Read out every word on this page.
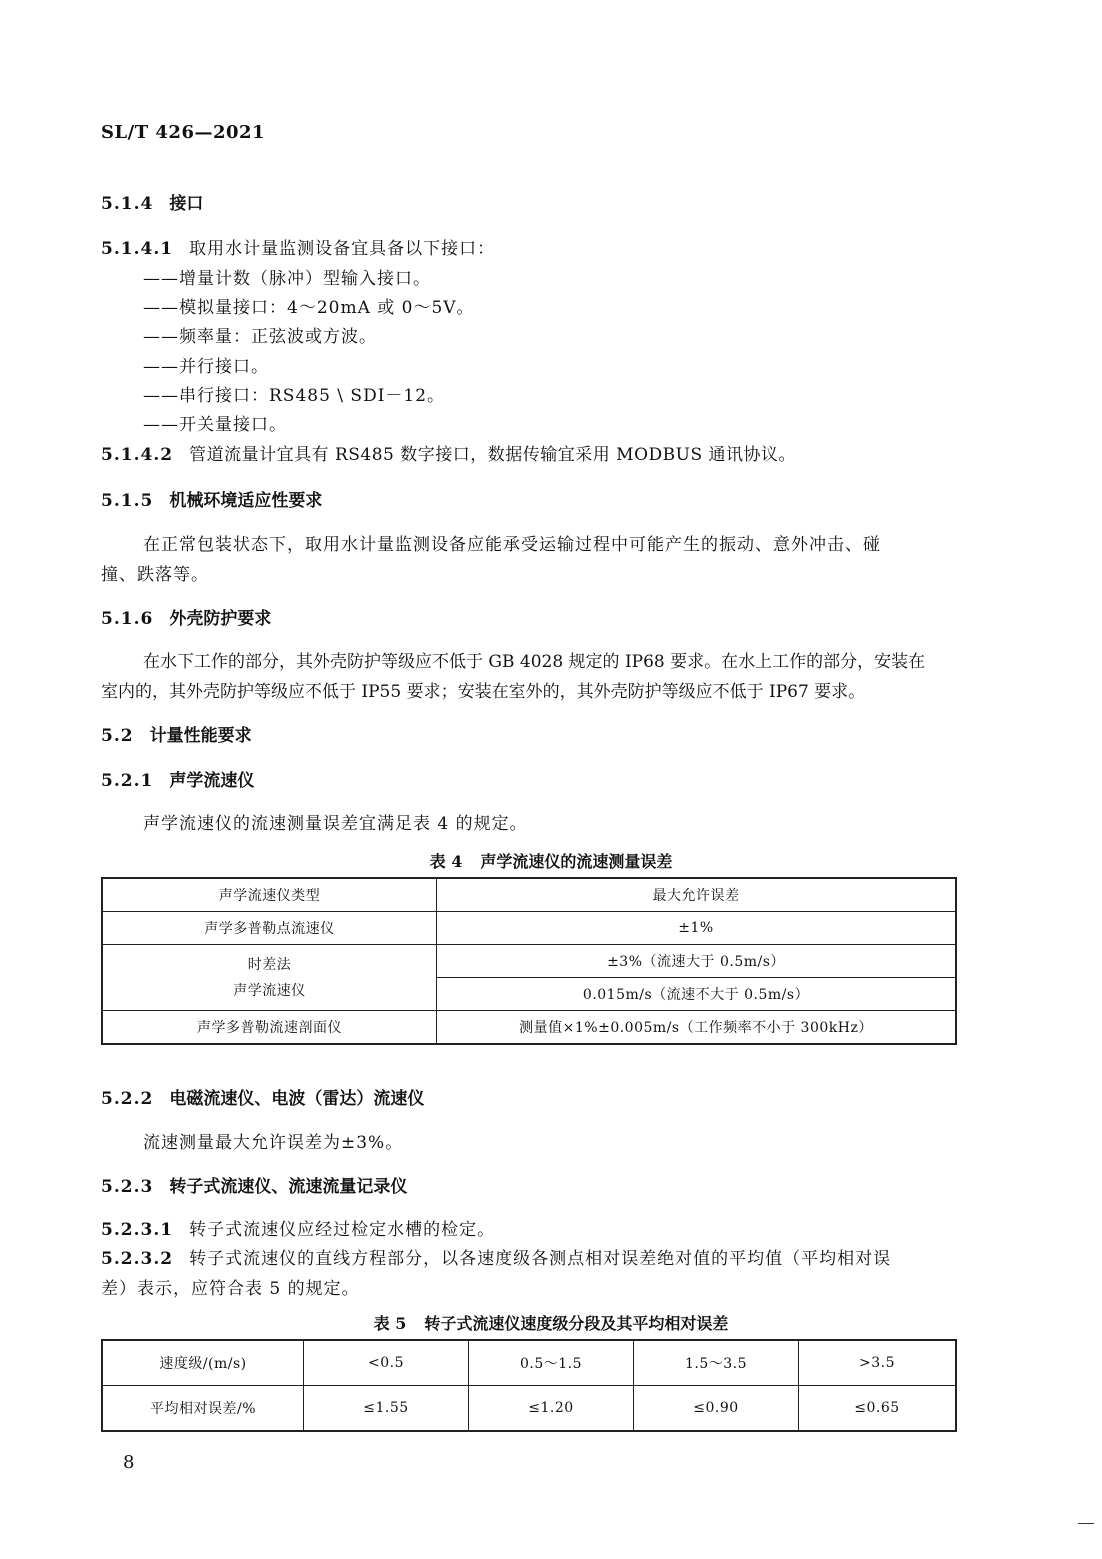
SL/T 426—2021
5.1.4 接口
5.1.4.1 取用水计量监测设备宜具备以下接口：
——增量计数（脉冲）型输入接口。
——模拟量接口：4～20mA 或 0～5V。
——频率量：正弦波或方波。
——并行接口。
——串行接口：RS485 \ SDI－12。
——开关量接口。
5.1.4.2 管道流量计宜具有 RS485 数字接口，数据传输宜采用 MODBUS 通讯协议。
5.1.5 机械环境适应性要求
在正常包装状态下，取用水计量监测设备应能承受运输过程中可能产生的振动、意外冲击、碰
撞、跌落等。
5.1.6 外壳防护要求
在水下工作的部分，其外壳防护等级应不低于 GB 4028 规定的 IP68 要求。在水上工作的部分，安装在
室内的，其外壳防护等级应不低于 IP55 要求；安装在室外的，其外壳防护等级应不低于 IP67 要求。
5.2 计量性能要求
5.2.1 声学流速仪
声学流速仪的流速测量误差宜满足表 4 的规定。
表 4 声学流速仪的流速测量误差
声学流速仪类型	最大允许误差
声学多普勒点流速仪	±1%

时差法
声学流速仪	±3%（流速大于 0.5m/s）
	0.015m/s（流速不大于 0.5m/s）
声学多普勒流速剖面仪	测量值×1%±0.005m/s（工作频率不小于 300kHz）
5.2.2 电磁流速仪、电波（雷达）流速仪
流速测量最大允许误差为±3%。
5.2.3 转子式流速仪、流速流量记录仪
5.2.3.1 转子式流速仪应经过检定水槽的检定。
5.2.3.2 转子式流速仪的直线方程部分，以各速度级各测点相对误差绝对值的平均值（平均相对误
差）表示，应符合表 5 的规定。
表 5 转子式流速仪速度级分段及其平均相对误差
速度级/(m/s)	<0.5	0.5～1.5	1.5～3.5	>3.5
平均相对误差/%	≤1.55	≤1.20	≤0.90	≤0.65
8
